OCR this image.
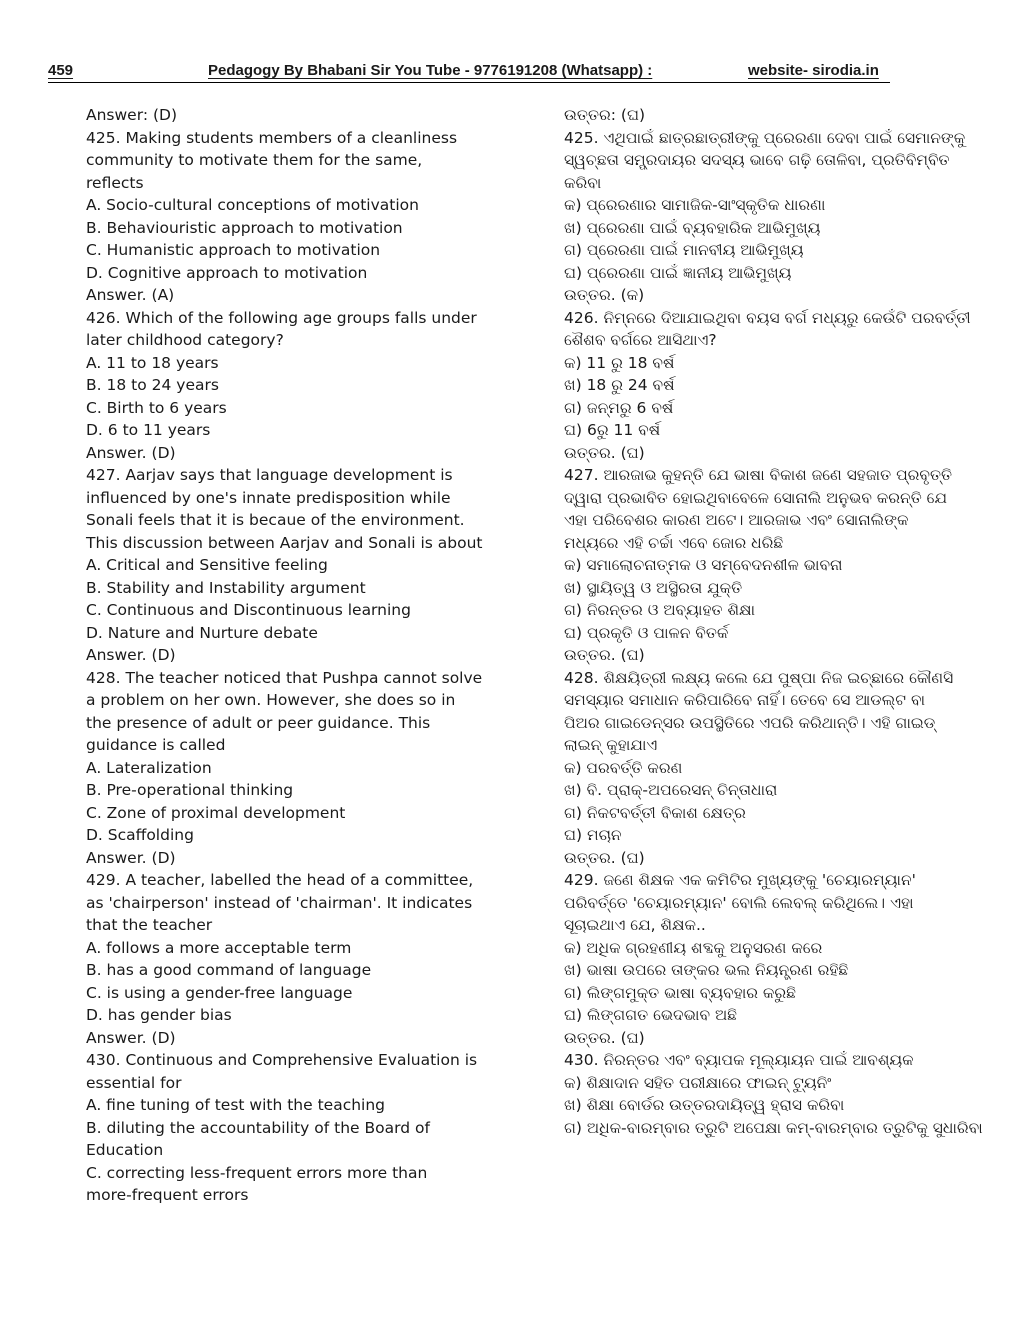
459	Pedagogy By Bhabani Sir You Tube - 9776191208 (Whatsapp) :	website- sirodia.in
Answer: (D)
425. Making students members of a cleanliness
community to motivate them for the same,
reflects
A. Socio-cultural conceptions of motivation
B. Behaviouristic approach to motivation
C. Humanistic approach to motivation
D. Cognitive approach to motivation
Answer. (A)
426. Which of the following age groups falls under
later childhood category?
A. 11 to 18 years
B. 18 to 24 years
C. Birth to 6 years
D. 6 to 11 years
Answer. (D)
427. Aarjav says that language development is
influenced by one's innate predisposition while
Sonali feels that it is becaue of the environment.
This discussion between Aarjav and Sonali is about
A. Critical and Sensitive feeling
B. Stability and Instability argument
C. Continuous and Discontinuous learning
D. Nature and Nurture debate
Answer. (D)
428. The teacher noticed that Pushpa cannot solve
a problem on her own. However, she does so in
the presence of adult or peer guidance. This
guidance is called
A. Lateralization
B. Pre-operational thinking
C. Zone of proximal development
D. Scaffolding
Answer. (D)
429. A teacher, labelled the head of a committee,
as 'chairperson' instead of 'chairman'. It indicates
that the teacher
A. follows a more acceptable term
B. has a good command of language
C. is using a gender-free language
D. has gender bias
Answer. (D)
430. Continuous and Comprehensive Evaluation is
essential for
A. fine tuning of test with the teaching
B. diluting the accountability of the Board of
Education
C. correcting less-frequent errors more than
more-frequent errors
ଉତ୍ତର: (ଘ)
425. ଏଥିପାଇଁ ଛାତ୍ରଛାତ୍ରୀଙ୍କୁ ପ୍ରେରଣା ଦେବା ପାଇଁ ସେମାନଙ୍କୁ
ସ୍ୱଚ୍ଛତା ସମ୍ପ୍ରଦାୟର ସଦସ୍ୟ ଭାବେ ଗଢ଼ି ତୋଳିବା, ପ୍ରତିବିମ୍ବିତ
କରିବା
କ) ପ୍ରେରଣାର ସାମାଜିକ-ସାଂସ୍କୃତିକ ଧାରଣା
ଖ) ପ୍ରେରଣା ପାଇଁ ବ୍ୟବହାରିକ ଆଭିମୁଖ୍ୟ
ଗ) ପ୍ରେରଣା ପାଇଁ ମାନବୀୟ ଆଭିମୁଖ୍ୟ
ଘ) ପ୍ରେରଣା ପାଇଁ ଜ୍ଞାନୀୟ ଆଭିମୁଖ୍ୟ
ଉତ୍ତର. (କ)
426. ନିମ୍ନରେ ଦିଆଯାଇଥିବା ବୟସ ବର୍ଗ ମଧ୍ୟରୁ କେଉଁଟି ପରବର୍ତ୍ତୀ
ଶୈଶବ ବର୍ଗରେ ଆସିଥାଏ?
କ) 11 ରୁ 18 ବର୍ଷ
ଖ) 18 ରୁ 24 ବର୍ଷ
ଗ) ଜନ୍ମରୁ 6 ବର୍ଷ
ଘ) 6ରୁ 11 ବର୍ଷ
ଉତ୍ତର. (ଘ)
427. ଆରଜାଭ କୁହନ୍ତି ଯେ ଭାଷା ବିକାଶ ଜଣେ ସହଜାତ ପ୍ରବୃତ୍ତି
ଦ୍ୱାରା ପ୍ରଭାବିତ ହୋଇଥିବାବେଳେ ସୋନାଲି ଅନୁଭବ କରନ୍ତି ଯେ
ଏହା ପରିବେଶର କାରଣ ଅଟେ। ଆରଜାଭ ଏବଂ ସୋନାଲିଙ୍କ
ମଧ୍ୟରେ ଏହି ଚର୍ଚ୍ଚା ଏବେ ଜୋର ଧରିଛି
କ) ସମାଲୋଚନାତ୍ମକ ଓ ସମ୍ବେଦନଶୀଳ ଭାବନା
ଖ) ସ୍ଥାୟିତ୍ୱ ଓ ଅସ୍ଥିରତା ଯୁକ୍ତି
ଗ) ନିରନ୍ତର ଓ ଅବ୍ୟାହତ ଶିକ୍ଷା
ଘ) ପ୍ରକୃତି ଓ ପାଳନ ବିତର୍କ
ଉତ୍ତର. (ଘ)
428. ଶିକ୍ଷୟିତ୍ରୀ ଲକ୍ଷ୍ୟ କଲେ ଯେ ପୁଷ୍ପା ନିଜ ଇଚ୍ଛାରେ କୌଣସି
ସମସ୍ୟାର ସମାଧାନ କରିପାରିବେ ନାହିଁ। ତେବେ ସେ ଆଡଲ୍ଟ ବା
ପିଅର ଗାଇଡେନ୍ସର ଉପସ୍ଥିତିରେ ଏପରି କରିଥାନ୍ତି। ଏହି ଗାଇଡ୍
ଲାଇନ୍ କୁହାଯାଏ
କ) ପରବର୍ତ୍ତି କରଣ
ଖ) ବି. ପ୍ରାକ୍-ଅପରେସନ୍ ଚିନ୍ତାଧାରା
ଗ) ନିକଟବର୍ତ୍ତୀ ବିକାଶ କ୍ଷେତ୍ର
ଘ) ମଚାନ
ଉତ୍ତର. (ଘ)
429. ଜଣେ ଶିକ୍ଷକ ଏକ କମିଟିର ମୁଖ୍ୟଙ୍କୁ 'ଚେୟାରମ୍ୟାନ'
ପରିବର୍ତ୍ତେ 'ଚେୟାରମ୍ୟାନ' ବୋଲି ଲେବଲ୍ କରିଥିଲେ। ଏହା
ସୂଚାଇଥାଏ ଯେ, ଶିକ୍ଷକ..
କ) ଅଧିକ ଗ୍ରହଣୀୟ ଶବ୍ଦକୁ ଅନୁସରଣ କରେ
ଖ) ଭାଷା ଉପରେ ତାଙ୍କର ଭଲ ନିୟନ୍ତ୍ରଣ ରହିଛି
ଗ) ଲିଙ୍ଗମୁକ୍ତ ଭାଷା ବ୍ୟବହାର କରୁଛି
ଘ) ଲିଙ୍ଗଗତ ଭେଦଭାବ ଅଛି
ଉତ୍ତର. (ଘ)
430. ନିରନ୍ତର ଏବଂ ବ୍ୟାପକ ମୂଲ୍ୟାୟନ ପାଇଁ ଆବଶ୍ୟକ
କ) ଶିକ୍ଷାଦାନ ସହିତ ପରୀକ୍ଷାରେ ଫାଇନ୍ ଟ୍ୟୁନିଂ
ଖ) ଶିକ୍ଷା ବୋର୍ଡର ଉତ୍ତରଦାୟିତ୍ୱ ହ୍ରାସ କରିବା
ଗ) ଅଧିକ-ବାରମ୍ବାର ତ୍ରୁଟି ଅପେକ୍ଷା କମ୍-ବାରମ୍ବାର ତ୍ରୁଟିକୁ ସୁଧାରିବା
